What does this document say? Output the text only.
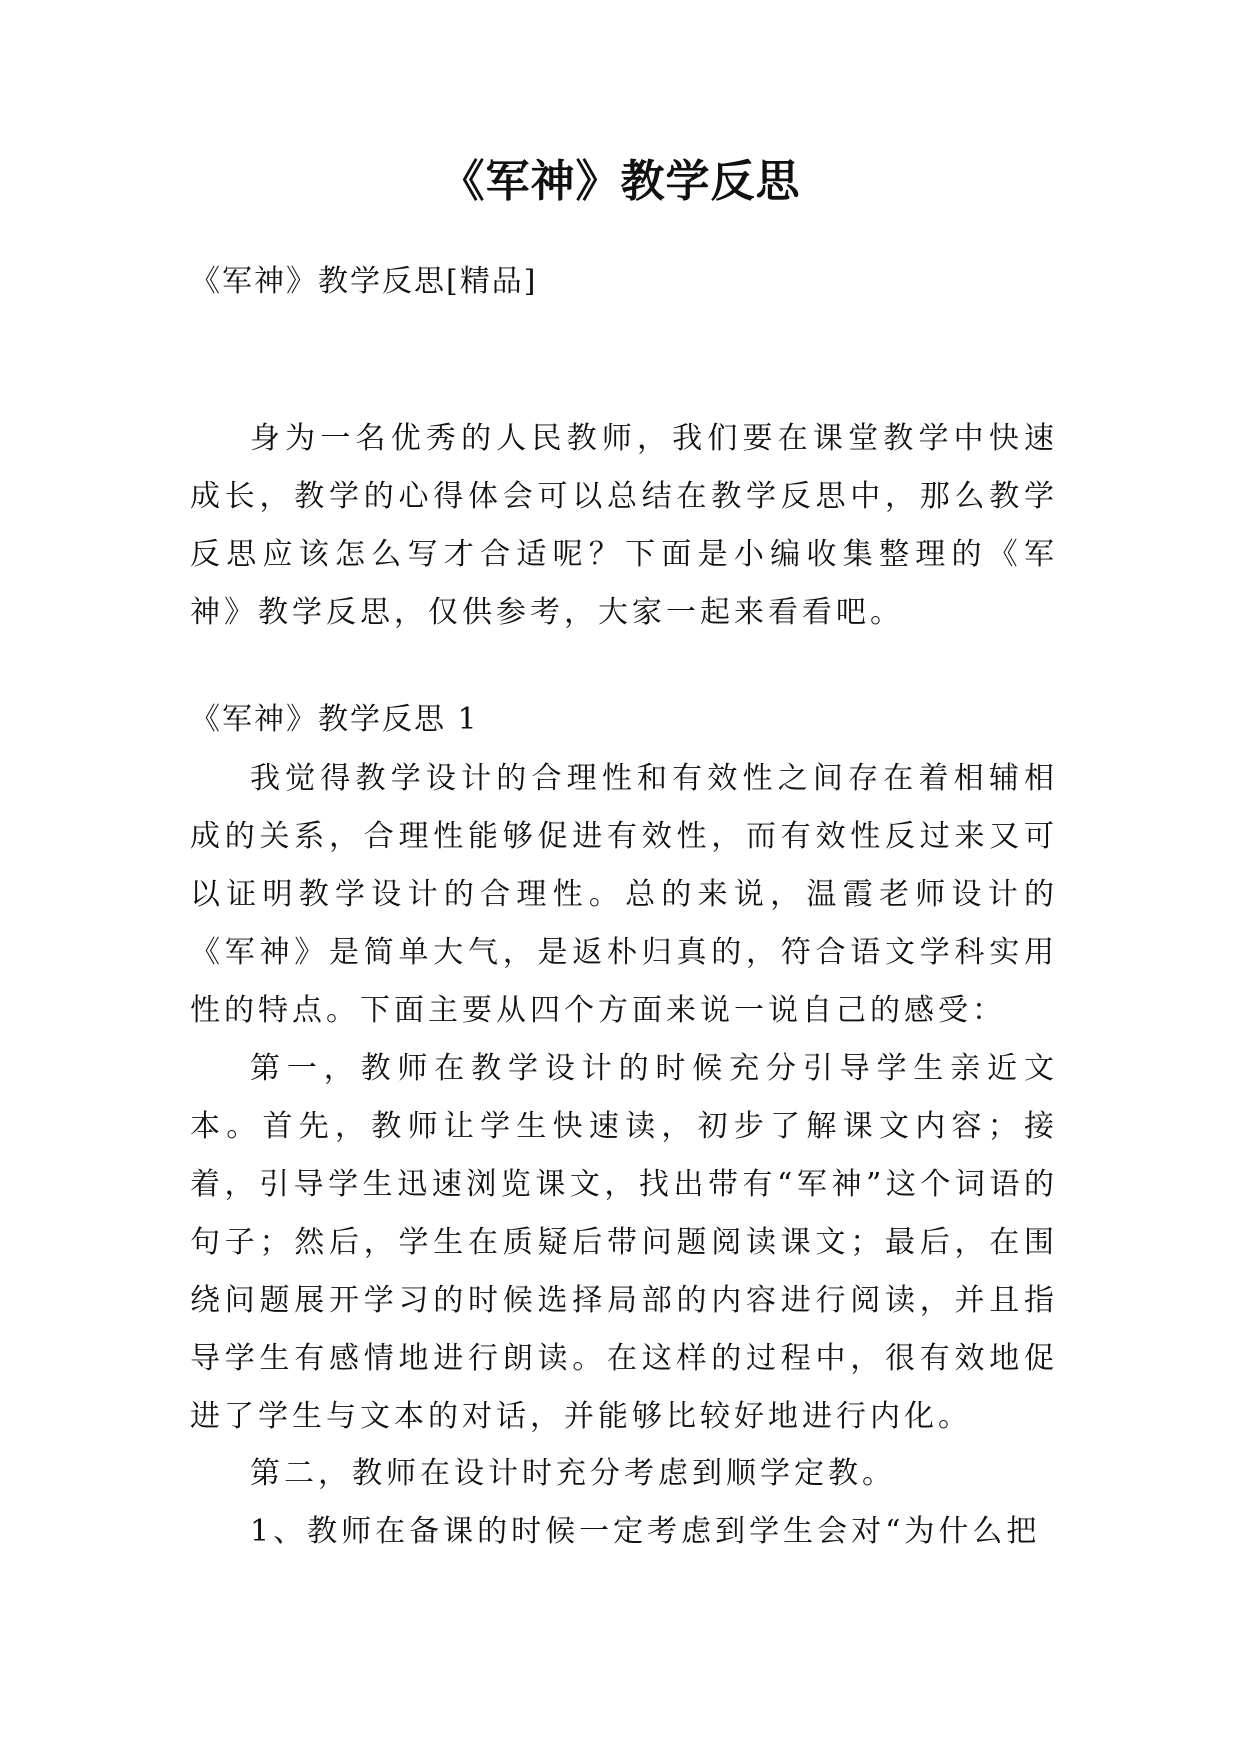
《军神》教学反思

《军神》教学反思[精品]

身为一名优秀的人民教师，我们要在课堂教学中快速成长，教学的心得体会可以总结在教学反思中，那么教学反思应该怎么写才合适呢？下面是小编收集整理的《军神》教学反思，仅供参考，大家一起来看看吧。

《军神》教学反思 1

我觉得教学设计的合理性和有效性之间存在着相辅相成的关系，合理性能够促进有效性，而有效性反过来又可以证明教学设计的合理性。总的来说，温霞老师设计的《军神》是简单大气，是返朴归真的，符合语文学科实用性的特点。下面主要从四个方面来说一说自己的感受：

第一，教师在教学设计的时候充分引导学生亲近文本。首先，教师让学生快速读，初步了解课文内容；接着，引导学生迅速浏览课文，找出带有“军神”这个词语的句子；然后，学生在质疑后带问题阅读课文；最后，在围绕问题展开学习的时候选择局部的内容进行阅读，并且指导学生有感情地进行朗读。在这样的过程中，很有效地促进了学生与文本的对话，并能够比较好地进行内化。

第二，教师在设计时充分考虑到顺学定教。

1、教师在备课的时候一定考虑到学生会对“为什么把
